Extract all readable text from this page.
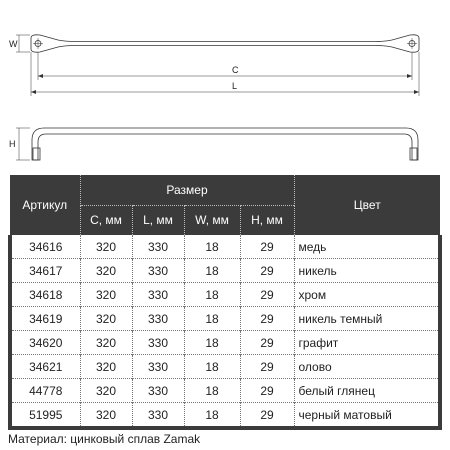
W
C
L
H
Артикул	Размер				Цвет
	C, мм	L, мм	W, мм	H, мм	
34616	320	330	18	29	медь
34617	320	330	18	29	никель
34618	320	330	18	29	хром
34619	320	330	18	29	никель темный
34620	320	330	18	29	графит
34621	320	330	18	29	олово
44778	320	330	18	29	белый глянец
51995	320	330	18	29	черный матовый
Материал: цинковый сплав Zamak
